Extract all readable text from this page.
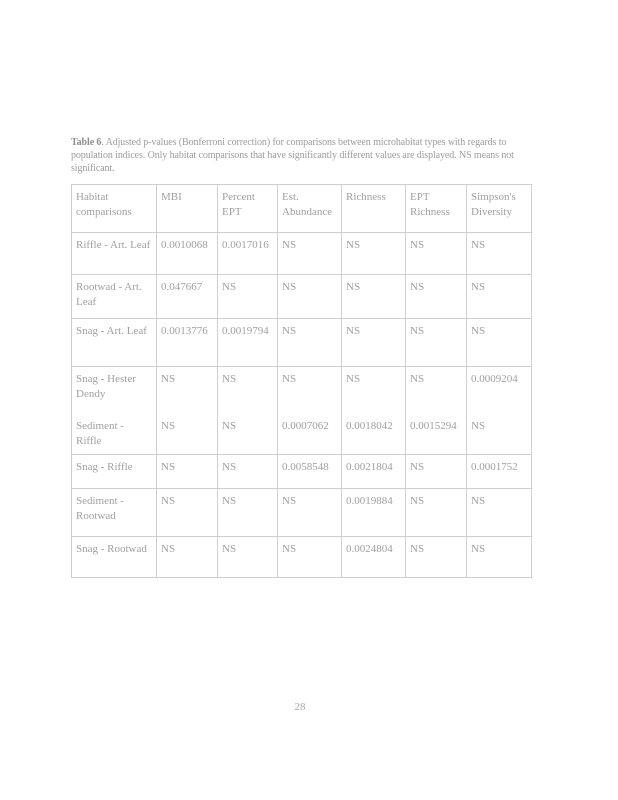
Table 6. Adjusted p-values (Bonferroni correction) for comparisons between microhabitat types with regards to population indices. Only habitat comparisons that have significantly different values are displayed. NS means not significant.
Habitat comparisons	MBI	Percent EPT	Est. Abundance	Richness	EPT Richness	Simpson's Diversity
Riffle - Art. Leaf	0.0010068	0.0017016	NS	NS	NS	NS
Rootwad - Art. Leaf	0.047667	NS	NS	NS	NS	NS
Snag - Art. Leaf	0.0013776	0.0019794	NS	NS	NS	NS
Snag - Hester Dendy	NS	NS	NS	NS	NS	0.0009204
Sediment - Riffle	NS	NS	0.0007062	0.0018042	0.0015294	NS
Snag - Riffle	NS	NS	0.0058548	0.0021804	NS	0.0001752
Sediment - Rootwad	NS	NS	NS	0.0019884	NS	NS
Snag - Rootwad	NS	NS	NS	0.0024804	NS	NS
28
